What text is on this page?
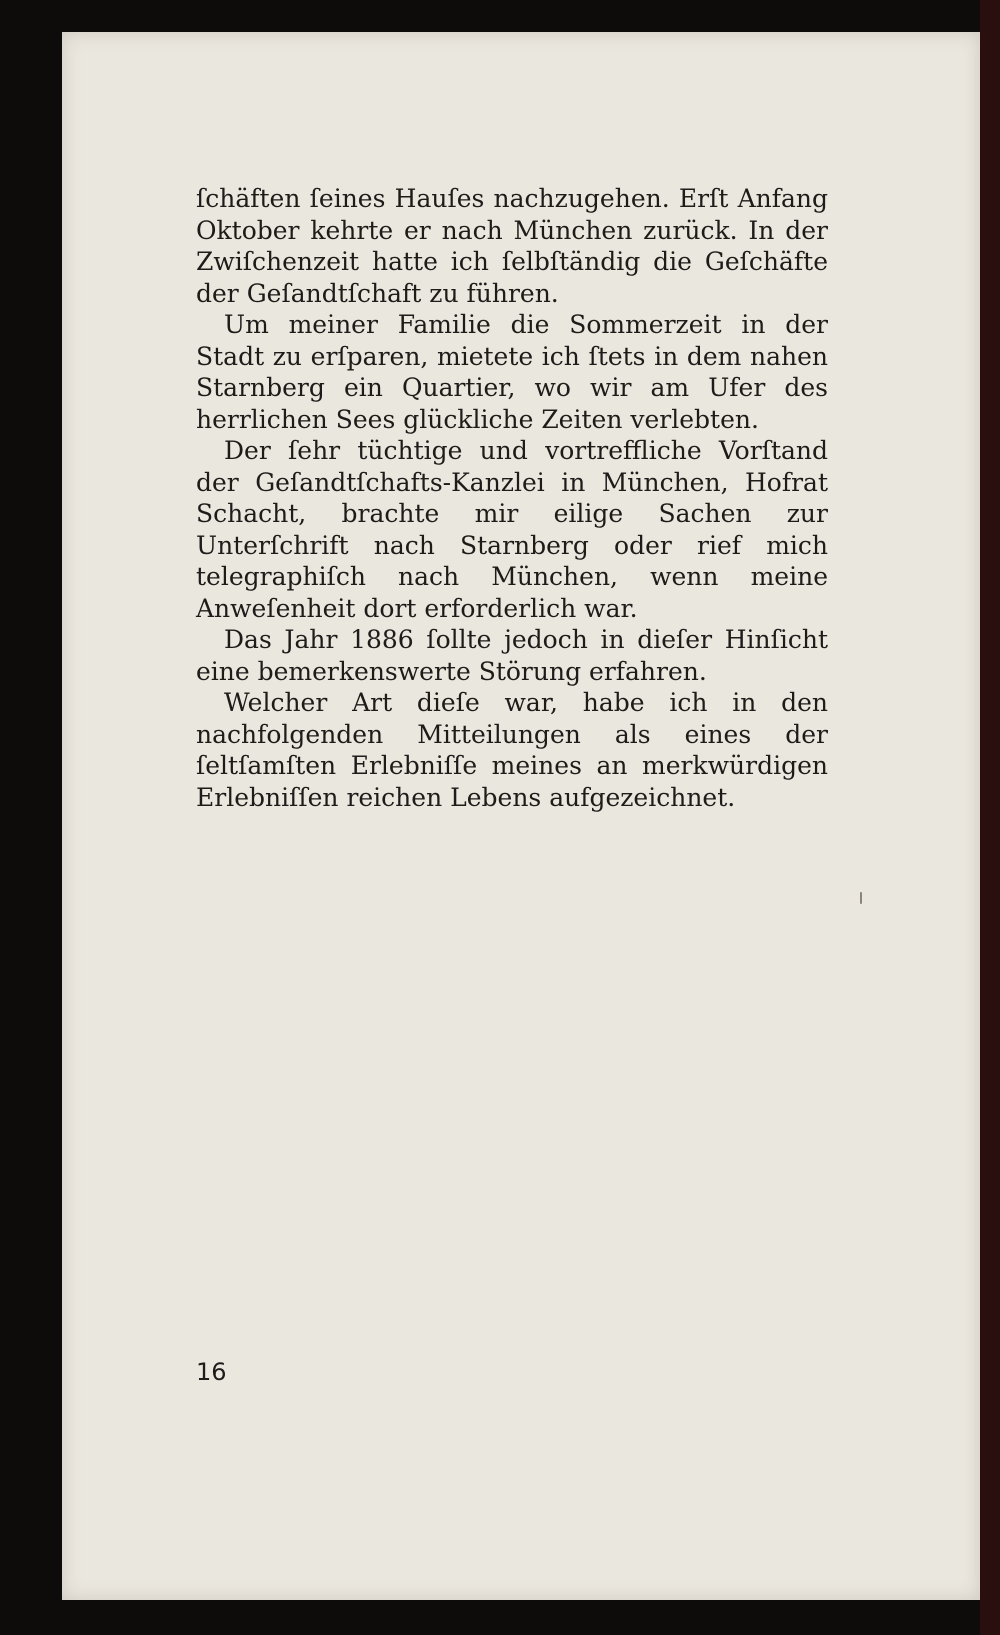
ſchäften ſeines Hauſes nachzugehen. Erſt Anfang Oktober kehrte er nach München zurück. In der Zwiſchenzeit hatte ich ſelbſtändig die Geſchäfte der Geſandtſchaft zu führen.

Um meiner Familie die Sommerzeit in der Stadt zu erſparen, mietete ich ſtets in dem nahen Starnberg ein Quartier, wo wir am Ufer des herrlichen Sees glückliche Zeiten verlebten.

Der ſehr tüchtige und vortreffliche Vorſtand der Geſandtſchafts-Kanzlei in München, Hofrat Schacht, brachte mir eilige Sachen zur Unterſchrift nach Starnberg oder rief mich telegraphiſch nach München, wenn meine Anweſenheit dort erforderlich war.

Das Jahr 1886 ſollte jedoch in dieſer Hinſicht eine bemerkenswerte Störung erfahren.

Welcher Art dieſe war, habe ich in den nachfolgenden Mitteilungen als eines der ſeltſamſten Erlebniſſe meines an merkwürdigen Erlebniſſen reichen Lebens aufgezeichnet.

16
